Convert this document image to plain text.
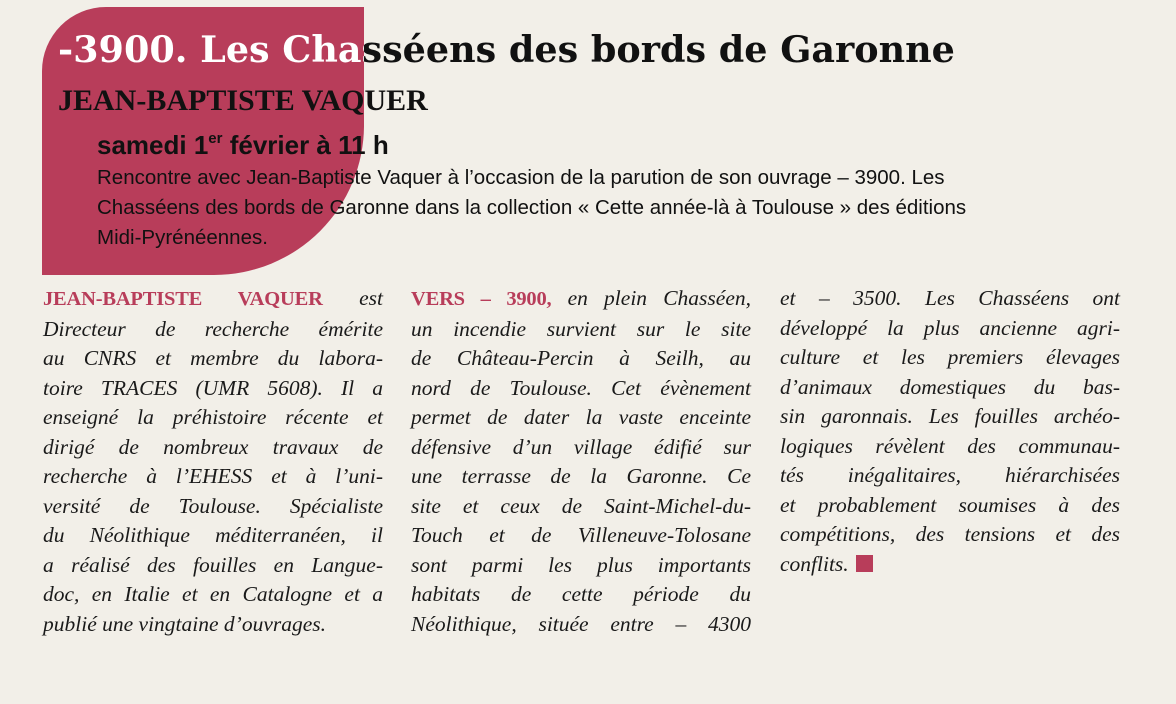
-3900. Les Chasséens des bords de Garonne
JEAN-BAPTISTE VAQUER
samedi 1er février à 11 h

Rencontre avec Jean-Baptiste Vaquer à l’occasion de la parution de son ouvrage – 3900. Les
Chasséens des bords de Garonne dans la collection « Cette année-là à Toulouse » des éditions
Midi-Pyrénéennes.

JEAN-BAPTISTE VAQUER est
Directeur de recherche émérite
au CNRS et membre du labora-
toire TRACES (UMR 5608). Il a
enseigné la préhistoire récente et
dirigé de nombreux travaux de
recherche à l’EHESS et à l’uni-
versité de Toulouse. Spécialiste
du Néolithique méditerranéen, il
a réalisé des fouilles en Langue-
doc, en Italie et en Catalogne et a
publié une vingtaine d’ouvrages.
VERS – 3900, en plein Chasséen,
un incendie survient sur le site
de Château-Percin à Seilh, au
nord de Toulouse. Cet évènement
permet de dater la vaste enceinte
défensive d’un village édifié sur
une terrasse de la Garonne. Ce
site et ceux de Saint-Michel-du-
Touch et de Villeneuve-Tolosane
sont parmi les plus importants
habitats de cette période du
Néolithique, située entre – 4300
et – 3500. Les Chasséens ont
développé la plus ancienne agri-
culture et les premiers élevages
d’animaux domestiques du bas-
sin garonnais. Les fouilles archéo-
logiques révèlent des communau-
tés inégalitaires, hiérarchisées
et probablement soumises à des
compétitions, des tensions et des
conflits.
